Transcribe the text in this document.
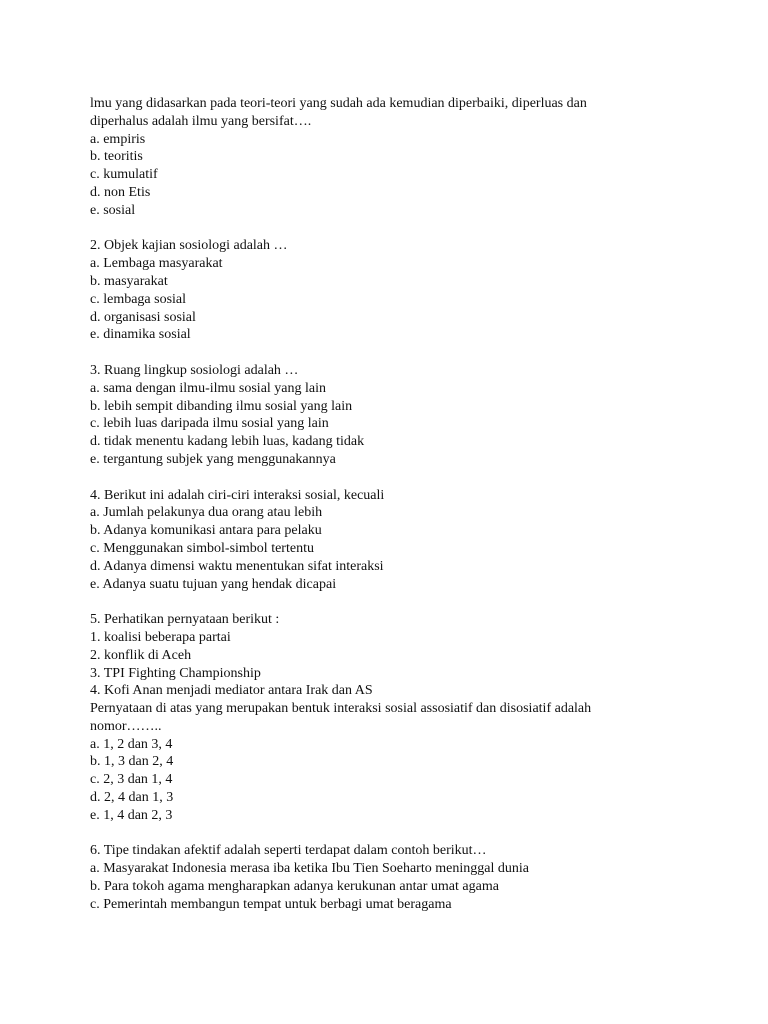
lmu yang didasarkan pada teori-teori yang sudah ada kemudian diperbaiki, diperluas dan
diperhalus adalah ilmu yang bersifat….
a. empiris
b. teoritis
c. kumulatif
d. non Etis
e. sosial
2. Objek kajian sosiologi adalah …
a. Lembaga masyarakat
b. masyarakat
c. lembaga sosial
d. organisasi sosial
e. dinamika sosial
3. Ruang lingkup sosiologi adalah …
a. sama dengan ilmu-ilmu sosial yang lain
b. lebih sempit dibanding ilmu sosial yang lain
c. lebih luas daripada ilmu sosial yang lain
d. tidak menentu kadang lebih luas, kadang tidak
e. tergantung subjek yang menggunakannya
4. Berikut ini adalah ciri-ciri interaksi sosial, kecuali
a. Jumlah pelakunya dua orang atau lebih
b. Adanya komunikasi antara para pelaku
c. Menggunakan simbol-simbol tertentu
d. Adanya dimensi waktu menentukan sifat interaksi
e. Adanya suatu tujuan yang hendak dicapai
5. Perhatikan pernyataan berikut :
1. koalisi beberapa partai
2. konflik di Aceh
3. TPI Fighting Championship
4. Kofi Anan menjadi mediator antara Irak dan AS
Pernyataan di atas yang merupakan bentuk interaksi sosial assosiatif dan disosiatif adalah
nomor……..
a. 1, 2 dan 3, 4
b. 1, 3 dan 2, 4
c. 2, 3 dan 1, 4
d. 2, 4 dan 1, 3
e. 1, 4 dan 2, 3
6. Tipe tindakan afektif adalah seperti terdapat dalam contoh berikut…
a. Masyarakat Indonesia merasa iba ketika Ibu Tien Soeharto meninggal dunia
b. Para tokoh agama mengharapkan adanya kerukunan antar umat agama
c. Pemerintah membangun tempat untuk berbagi umat beragama
